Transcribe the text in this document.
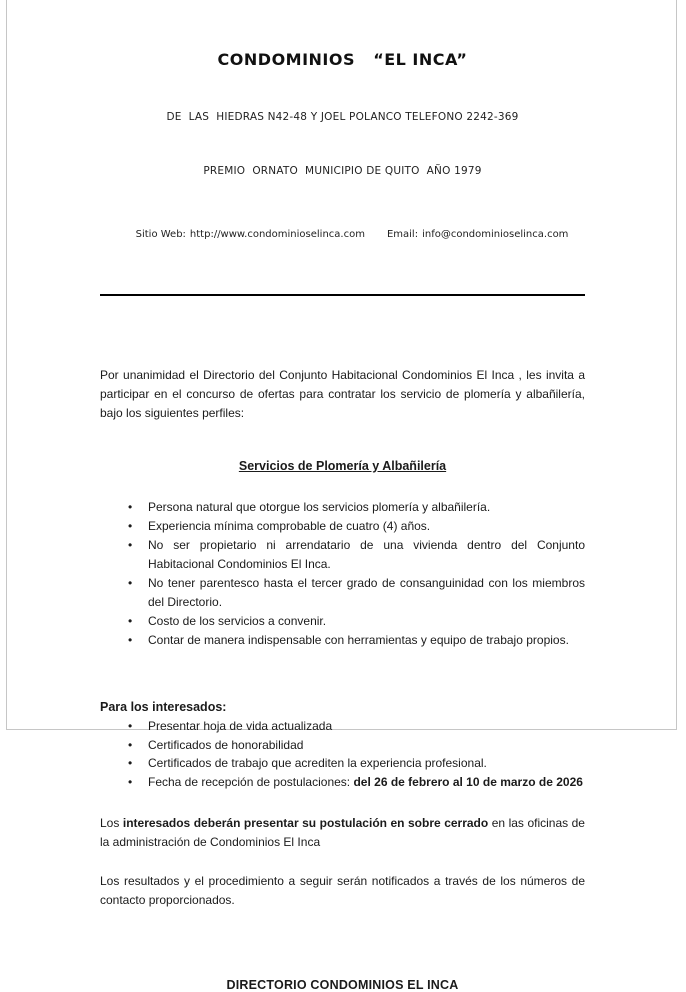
CONDOMINIOS   “EL INCA”

DE  LAS  HIEDRAS N42-48 Y JOEL POLANCO TELEFONO 2242-369

PREMIO  ORNATO  MUNICIPIO DE QUITO  AÑO 1979

Sitio Web: http://www.condominioselinca.com Email: info@condominioselinca.com

Por unanimidad el Directorio del Conjunto Habitacional Condominios El Inca , les invita a participar en el concurso de ofertas para contratar los servicio de plomería y albañilería,  bajo los siguientes perfiles:

Servicios de Plomería y Albañilería
• Persona natural que otorgue los servicios plomería y albañilería.
• Experiencia mínima comprobable de cuatro (4) años.
• No ser propietario ni arrendatario de una vivienda dentro del Conjunto Habitacional Condominios El Inca.
• No tener parentesco hasta el tercer grado de consanguinidad con los miembros del Directorio.
• Costo de los servicios a convenir.
• Contar de manera indispensable con herramientas y equipo de trabajo propios.
Para los interesados:
• Presentar hoja de vida actualizada
• Certificados de honorabilidad
• Certificados de trabajo que acrediten la experiencia profesional.
• Fecha de recepción de postulaciones: del 26 de febrero al 10 de marzo de 2026

Los interesados deberán presentar su postulación en sobre cerrado en las oficinas de la administración de Condominios El Inca

Los resultados y el procedimiento a seguir serán notificados a través de los números de contacto proporcionados.

DIRECTORIO CONDOMINIOS EL INCA
